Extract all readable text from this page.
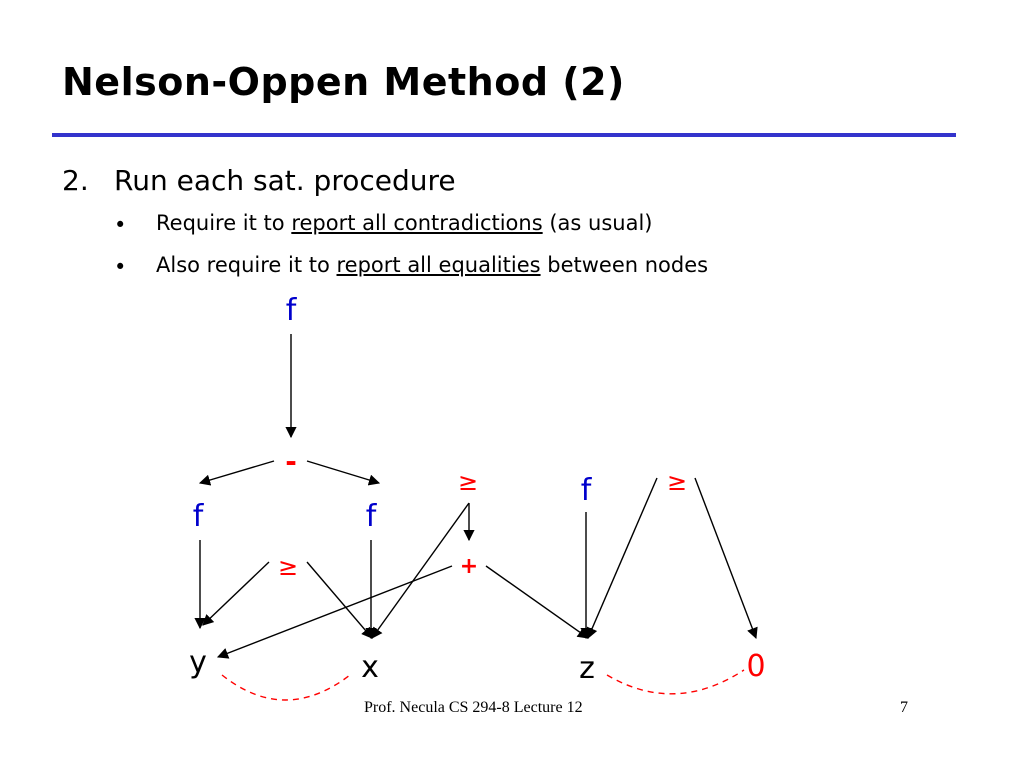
Nelson-Oppen Method (2)
2. Run each sat. procedure
• Require it to report all contradictions (as usual)
• Also require it to report all equalities between nodes
f
-
f	f
≥
≥
+
f	≥
y	x	z	0
Prof. Necula CS 294-8 Lecture 12	7
